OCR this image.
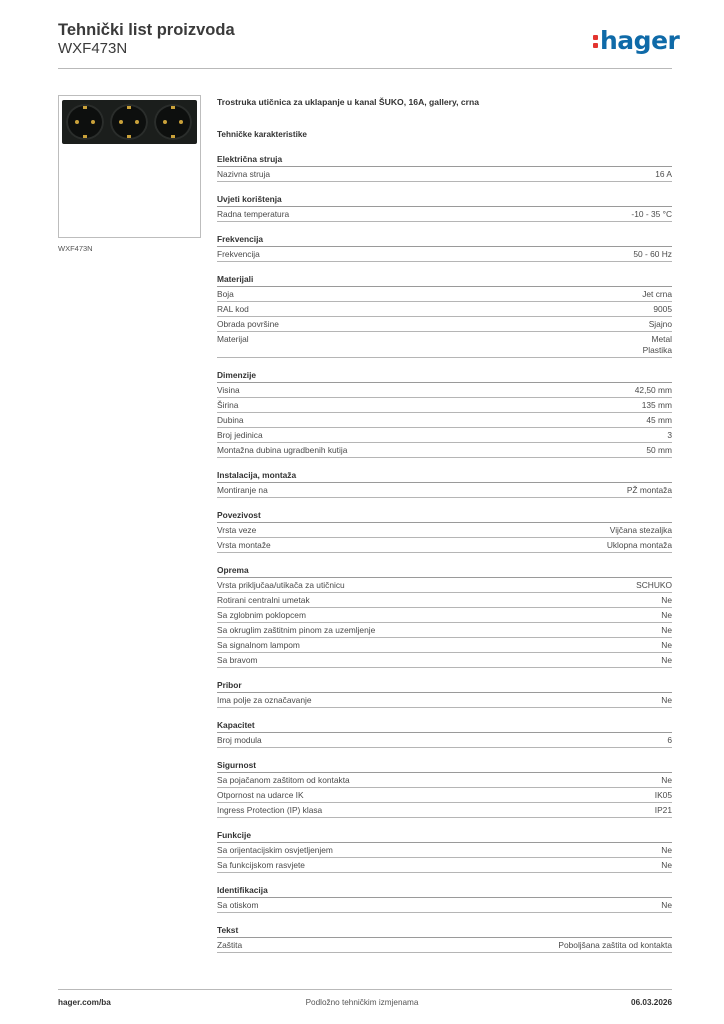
Tehnički list proizvoda
WXF473N	hager
WXF473N
Trostruka utičnica za uklapanje u kanal ŠUKO, 16A, gallery, crna
Tehničke karakteristike
Električna struja
Nazivna struja	16 A
Uvjeti korištenja
Radna temperatura	-10 - 35 °C
Frekvencija
Frekvencija	50 - 60 Hz
Materijali
Boja	Jet crna
RAL kod	9005
Obrada površine	Sjajno
Materijal	Metal
Plastika
Dimenzije
Visina	42,50 mm
Širina	135 mm
Dubina	45 mm
Broj jedinica	3
Montažna dubina ugradbenih kutija	50 mm
Instalacija, montaža
Montiranje na	PŽ montaža
Povezivost
Vrsta veze	Vijčana stezaljka
Vrsta montaže	Uklopna montaža
Oprema
Vrsta priključaa/utikača za utičnicu	SCHUKO
Rotirani centralni umetak	Ne
Sa zglobnim poklopcem	Ne
Sa okruglim zaštitnim pinom za uzemljenje	Ne
Sa signalnom lampom	Ne
Sa bravom	Ne
Pribor
Ima polje za označavanje	Ne
Kapacitet
Broj modula	6
Sigurnost
Sa pojačanom zaštitom od kontakta	Ne
Otpornost na udarce IK	IK05
Ingress Protection (IP) klasa	IP21
Funkcije
Sa orijentacijskim osvjetljenjem	Ne
Sa funkcijskom rasvjete	Ne
Identifikacija
Sa otiskom	Ne
Tekst
Zaštita	Poboljšana zaštita od kontakta
hager.com/ba	Podložno tehničkim izmjenama	06.03.2026
